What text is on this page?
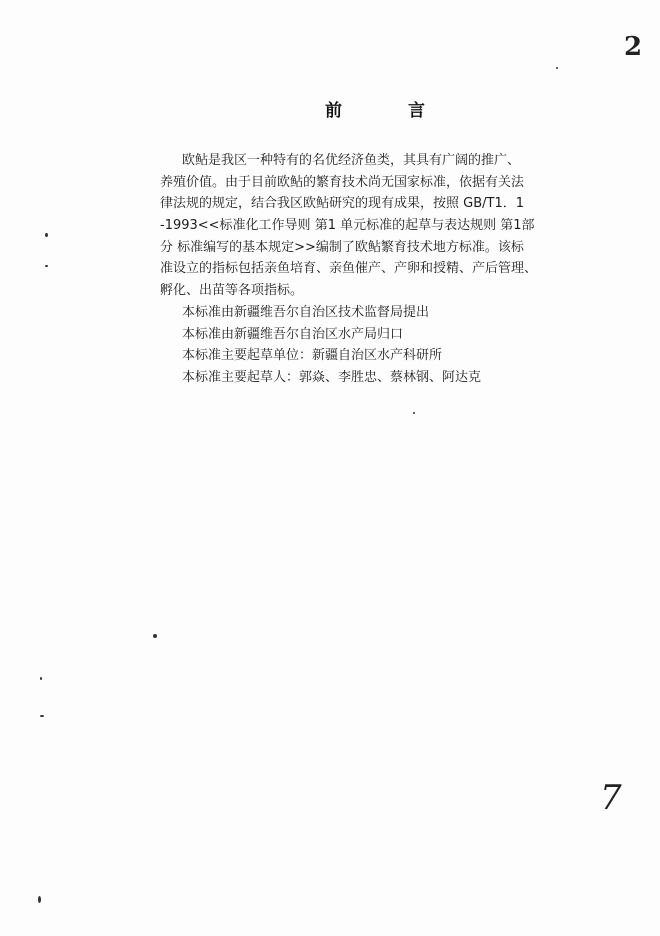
2
前 言
欧鲇是我区一种特有的名优经济鱼类，其具有广阔的推广、
养殖价值。由于目前欧鲇的繁育技术尚无国家标准，依据有关法
律法规的规定，结合我区欧鲇研究的现有成果，按照 GB/T1．1
-1993<<标准化工作导则 第1 单元标准的起草与表达规则 第1部
分 标准编写的基本规定>>编制了欧鲇繁育技术地方标准。该标
准设立的指标包括亲鱼培育、亲鱼催产、产卵和授精、产后管理、
孵化、出苗等各项指标。
本标准由新疆维吾尔自治区技术监督局提出
本标准由新疆维吾尔自治区水产局归口
本标准主要起草单位：新疆自治区水产科研所
本标准主要起草人：郭焱、李胜忠、蔡林钢、阿达克
7
